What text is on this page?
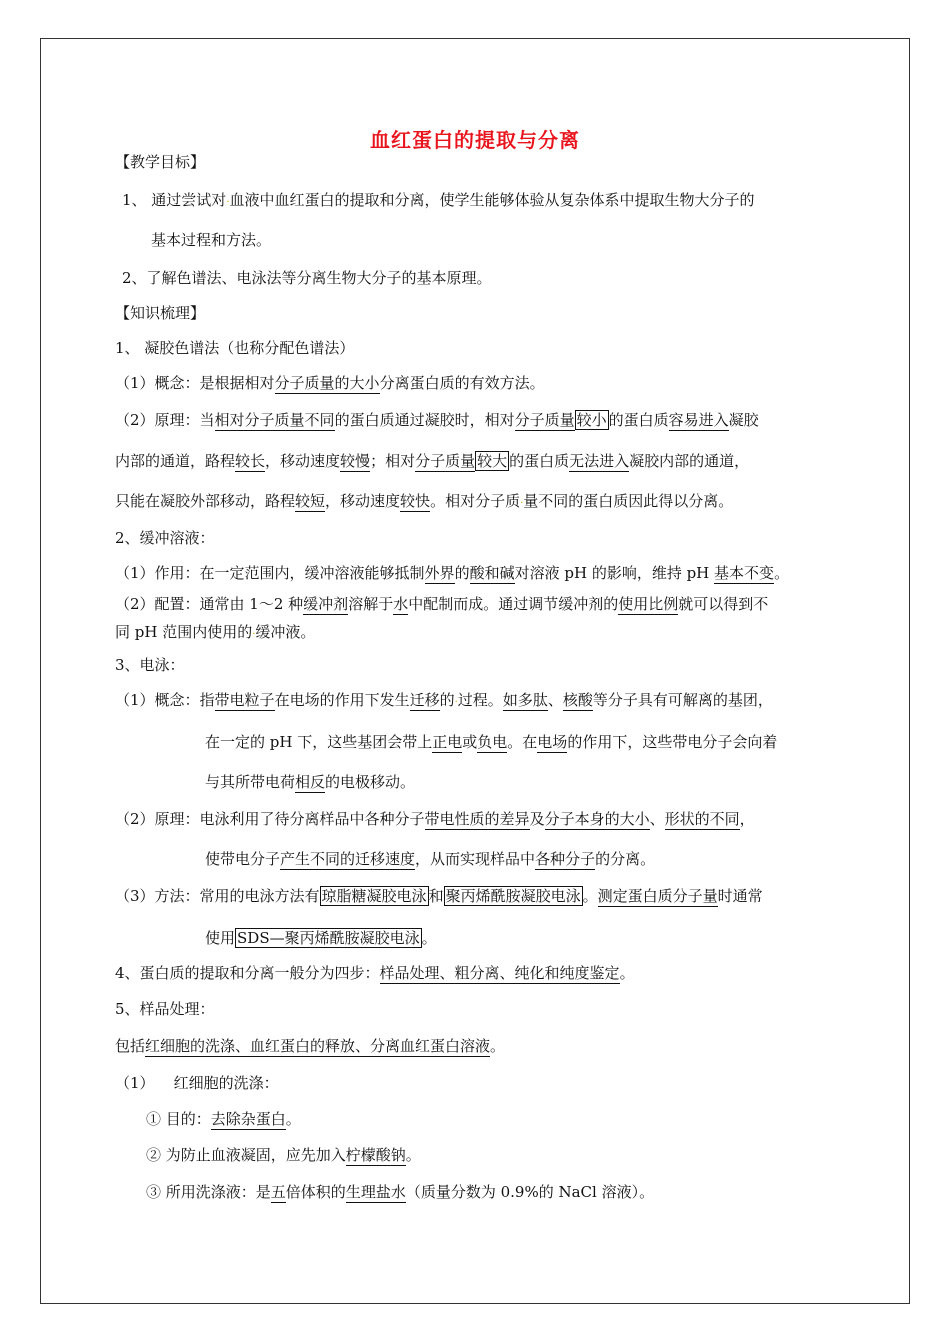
血红蛋白的提取与分离
【教学目标】
1、 通过尝试对·血液中血红蛋白的提取和分离，使学生能够体验从复杂体系中提取生物大分子的
基本过程和方法。
2、了解色谱法、电泳法等分离生物大分子的基本原理。
【知识梳理】
1、 凝胶色谱法（也称分配色谱法）
（1）概念：是根据相对分子质量的大小分离蛋白质的有效方法。
（2）原理：当相对分子质量不同的蛋白质通过凝胶时，相对分子质量 较小 的蛋白质容易进入凝胶
内部的通道，路程较长，移动速度较慢；相对分子质量 较大 的蛋白质无法进入凝胶内部的通道，
只能在凝胶外部移动，路程较短，移动速度较快。相对分子质·量不同的蛋白质因此得以分离。
2、缓冲溶液：
（1）作用：在一定范围内，缓冲溶液能够抵制外界的酸和碱对溶液 pH 的影响，维持 pH 基本不变。
（2）配置：通常由 1～2 种缓冲剂溶解于水中配制而成。通过调节缓冲剂的使用比例就可以得到不
同 pH 范围内使用的·缓冲液。
3、电泳：
（1）概念：指带电粒子在电场的作用下发生迁移的·过程。如多肽、核酸等分子具有可解离的基团，
在一定的 pH 下，这些基团会带上正电或负电。在电场的作用下，这些带电分子会向着
与其所带电荷相反的电极移动。
（2）原理：电泳利用了待分离样品中各种分子带电性质的差异及分子本身的大小、形状的不同，
使带电分子产生不同的迁移速度，从而实现样品中各种分子的分离。
（3）方法：常用的电泳方法有 琼脂糖凝胶电泳 和 聚丙烯酰胺凝胶电泳 。测定蛋白质分子量时通常
使用 SDS—聚丙烯酰胺凝胶电泳 。
4、蛋白质的提取和分离一般分为四步：样品处理、粗分离、纯化和纯度鉴定。
5、样品处理：
包括红细胞的洗涤、血红蛋白的释放、分离血红蛋白溶液。
（1）    红细胞的洗涤：
① 目的：去除杂蛋白。
② 为防止血液凝固，应先加入柠檬酸钠。
③ 所用洗涤液：是五倍体积的生理盐水（质量分数为 0.9%的 NaCl 溶液）。
